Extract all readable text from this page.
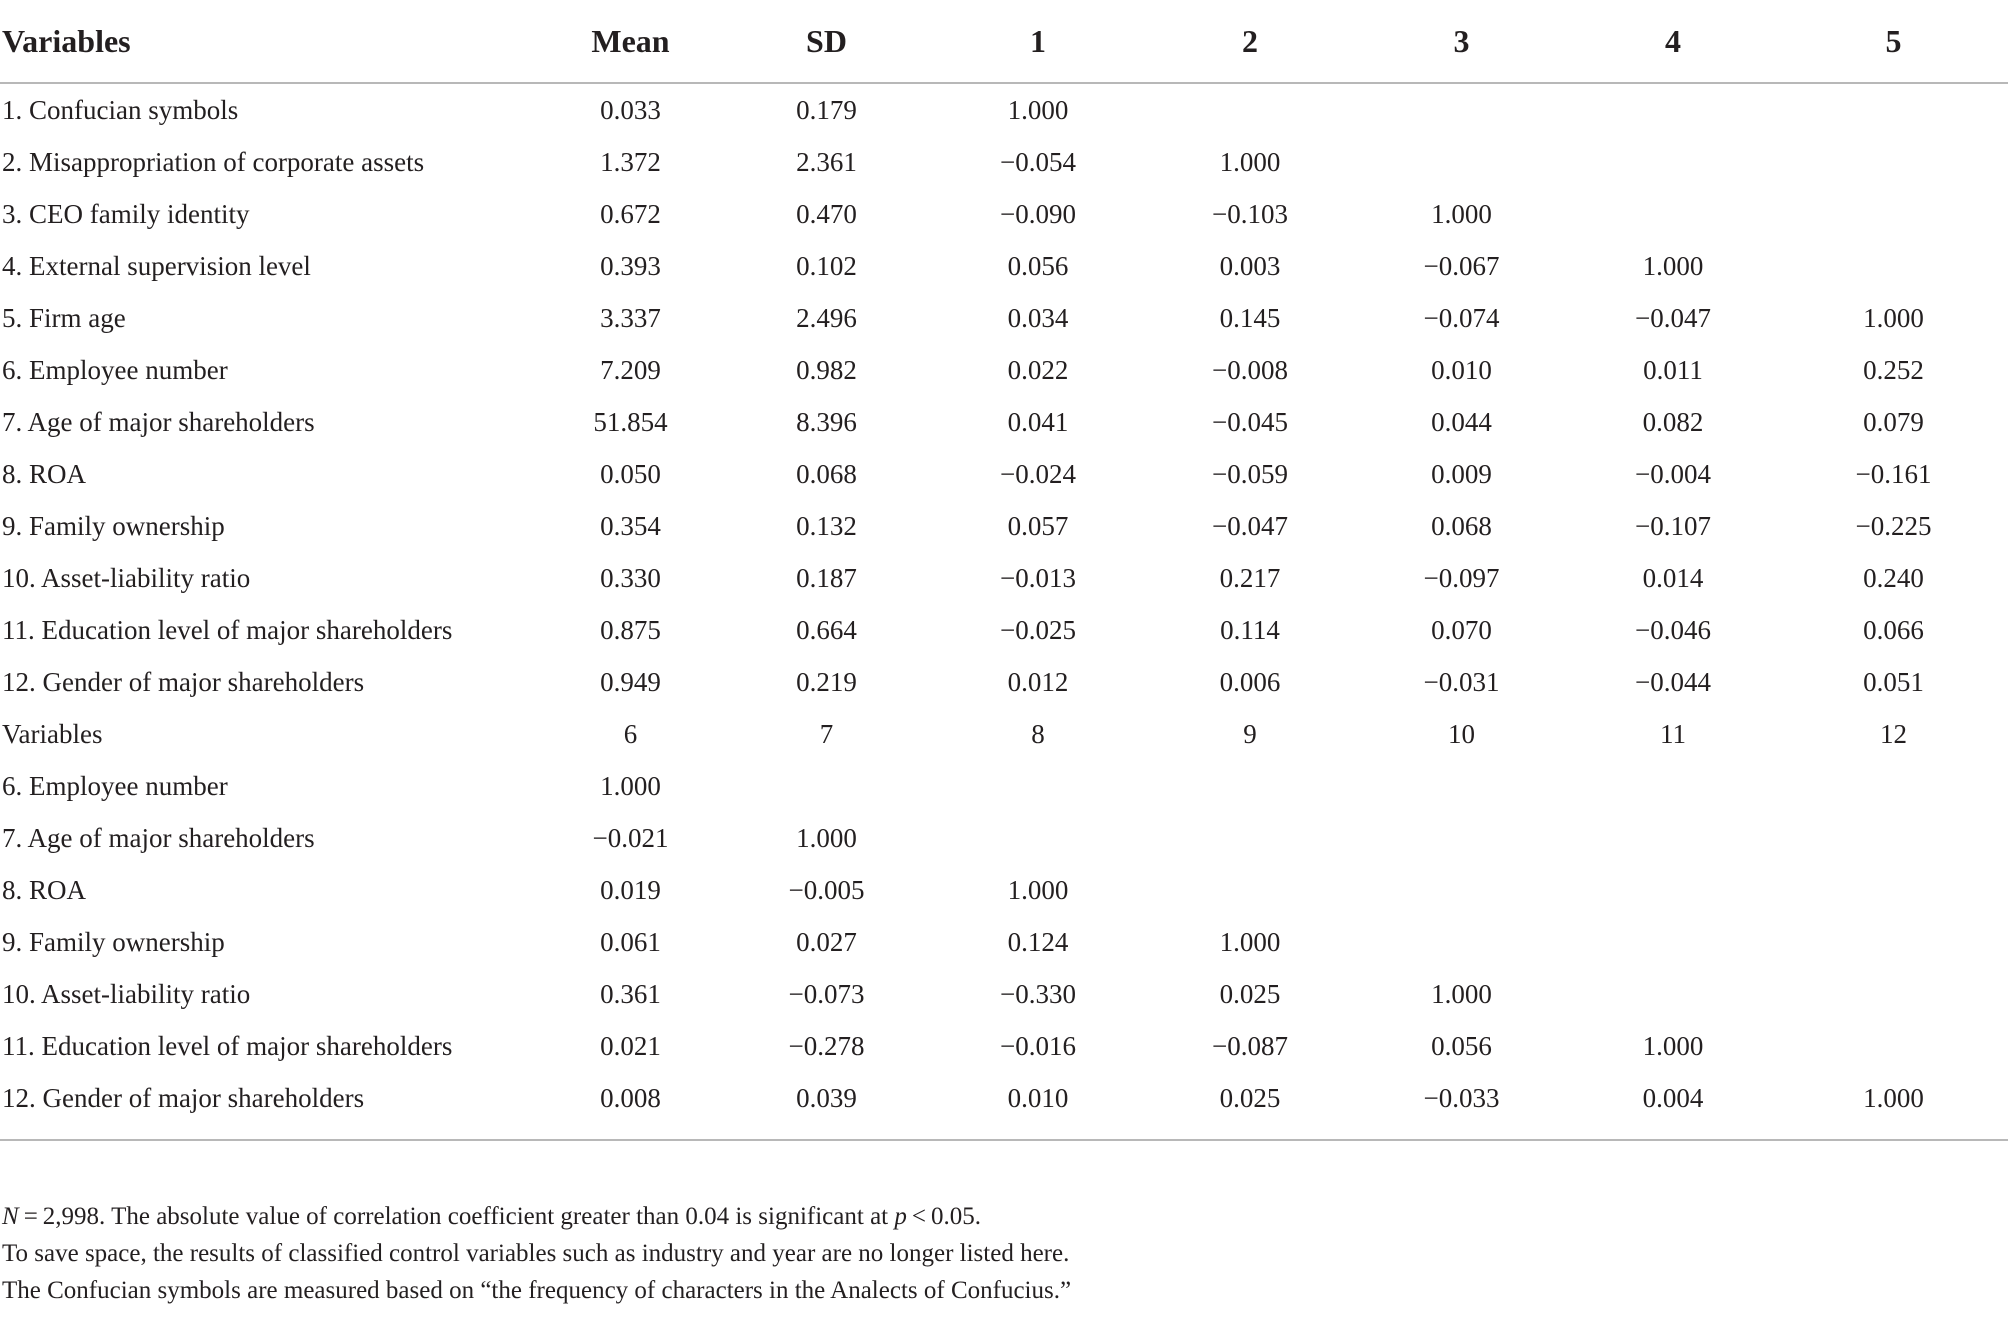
Variables	Mean	SD	1	2	3	4	5
1. Confucian symbols	0.033	0.179	1.000				
2. Misappropriation of corporate assets	1.372	2.361	−0.054	1.000			
3. CEO family identity	0.672	0.470	−0.090	−0.103	1.000		
4. External supervision level	0.393	0.102	0.056	0.003	−0.067	1.000	
5. Firm age	3.337	2.496	0.034	0.145	−0.074	−0.047	1.000
6. Employee number	7.209	0.982	0.022	−0.008	0.010	0.011	0.252
7. Age of major shareholders	51.854	8.396	0.041	−0.045	0.044	0.082	0.079
8. ROA	0.050	0.068	−0.024	−0.059	0.009	−0.004	−0.161
9. Family ownership	0.354	0.132	0.057	−0.047	0.068	−0.107	−0.225
10. Asset-liability ratio	0.330	0.187	−0.013	0.217	−0.097	0.014	0.240
11. Education level of major shareholders	0.875	0.664	−0.025	0.114	0.070	−0.046	0.066
12. Gender of major shareholders	0.949	0.219	0.012	0.006	−0.031	−0.044	0.051
Variables	6	7	8	9	10	11	12
6. Employee number	1.000						
7. Age of major shareholders	−0.021	1.000					
8. ROA	0.019	−0.005	1.000				
9. Family ownership	0.061	0.027	0.124	1.000			
10. Asset-liability ratio	0.361	−0.073	−0.330	0.025	1.000		
11. Education level of major shareholders	0.021	−0.278	−0.016	−0.087	0.056	1.000	
12. Gender of major shareholders	0.008	0.039	0.010	0.025	−0.033	0.004	1.000
N = 2,998. The absolute value of correlation coefficient greater than 0.04 is significant at p < 0.05.
To save space, the results of classified control variables such as industry and year are no longer listed here.
The Confucian symbols are measured based on “the frequency of characters in the Analects of Confucius.”
